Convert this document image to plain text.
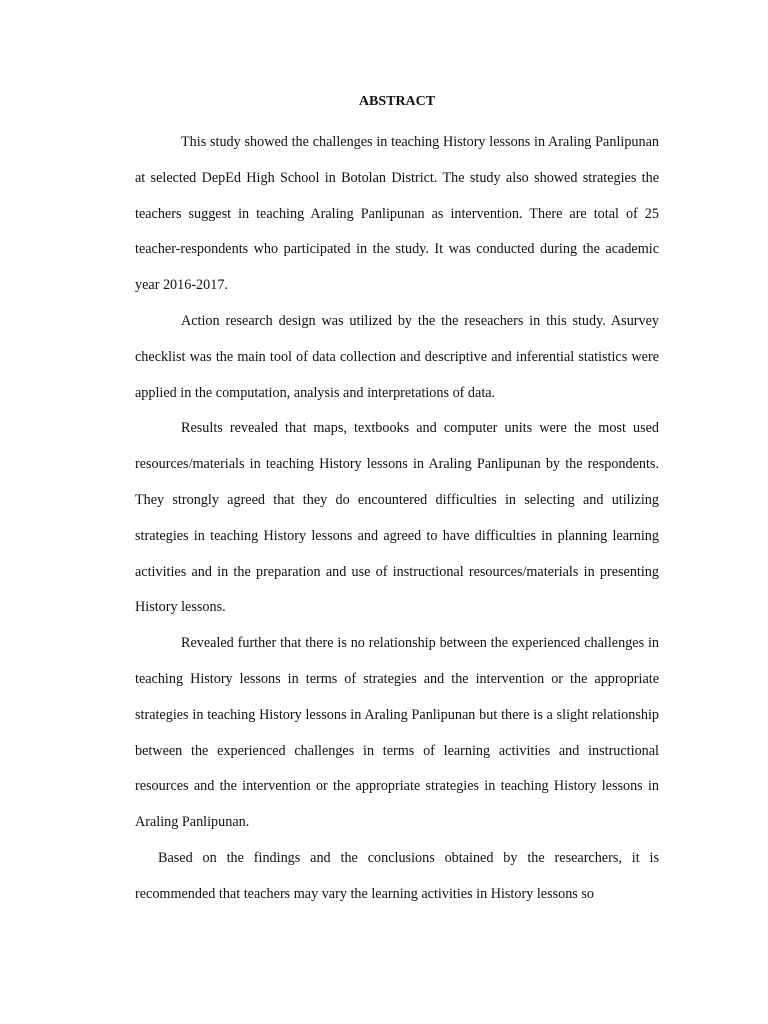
ABSTRACT

This study showed the challenges in teaching History lessons in Araling Panlipunan at selected DepEd High School in Botolan District. The study also showed strategies the teachers suggest in teaching Araling Panlipunan as intervention. There are total of 25 teacher-respondents who participated in the study. It was conducted during the academic year 2016-2017.

Action research design was utilized by the the reseachers in this study. Asurvey checklist was the main tool of data collection and descriptive and inferential statistics were applied in the computation, analysis and interpretations of data.

Results revealed that maps, textbooks and computer units were the most used resources/materials in teaching History lessons in Araling Panlipunan by the respondents. They strongly agreed that they do encountered difficulties in selecting and utilizing strategies in teaching History lessons and agreed to have difficulties in planning learning activities and in the preparation and use of instructional resources/materials in presenting History lessons.

Revealed further that there is no relationship between the experienced challenges in teaching History lessons in terms of strategies and the intervention or the appropriate strategies in teaching History lessons in Araling Panlipunan but there is a slight relationship between the experienced challenges in terms of learning activities and instructional resources and the intervention or the appropriate strategies in teaching History lessons in Araling Panlipunan.

Based on the findings and the conclusions obtained by the researchers, it is recommended that teachers may vary the learning activities in History lessons so
